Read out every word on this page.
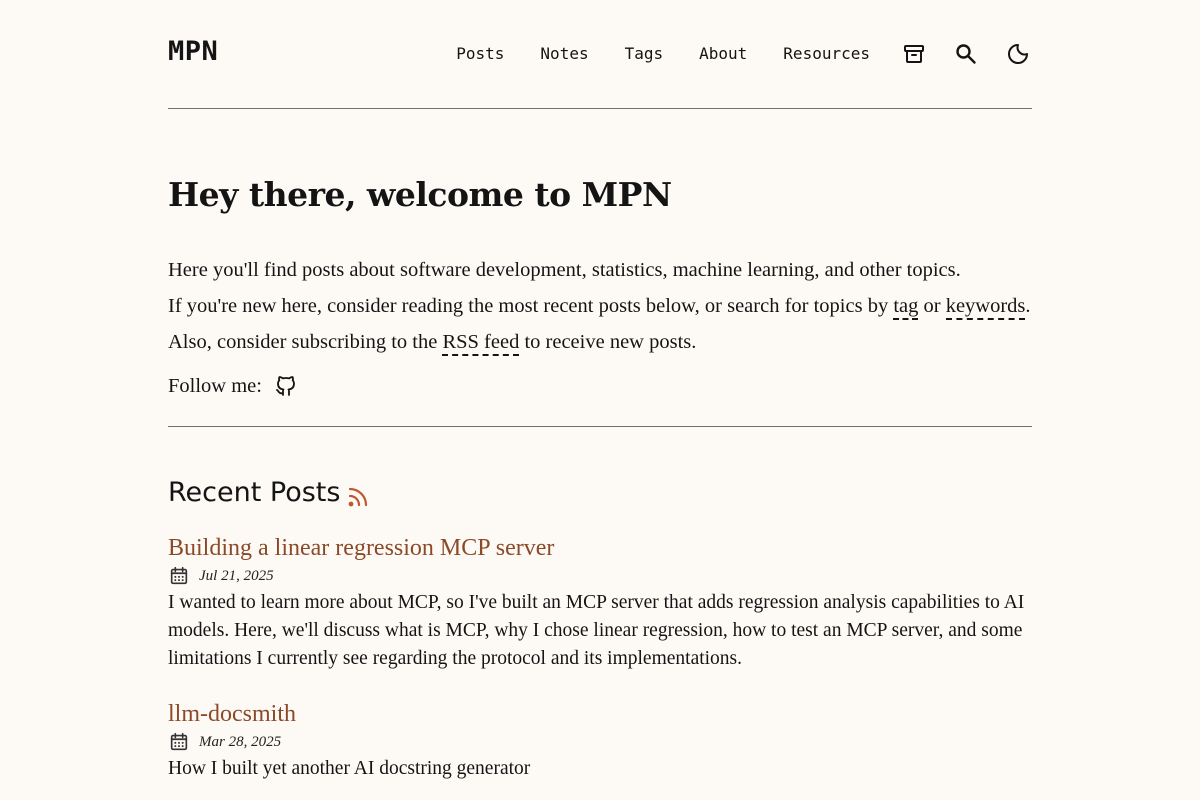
MPN	Posts Notes Tags About Resources
Hey there, welcome to MPN

Here you'll find posts about software development, statistics, machine learning, and other topics.

If you're new here, consider reading the most recent posts below, or search for topics by tag or keywords.

Also, consider subscribing to the RSS feed to receive new posts.

Follow me:
Recent Posts
Building a linear regression MCP server
Jul 21, 2025

I wanted to learn more about MCP, so I've built an MCP server that adds regression analysis capabilities to AI models. Here, we'll discuss what is MCP, why I chose linear regression, how to test an MCP server, and some limitations I currently see regarding the protocol and its implementations.

llm-docsmith
Mar 28, 2025

How I built yet another AI docstring generator
